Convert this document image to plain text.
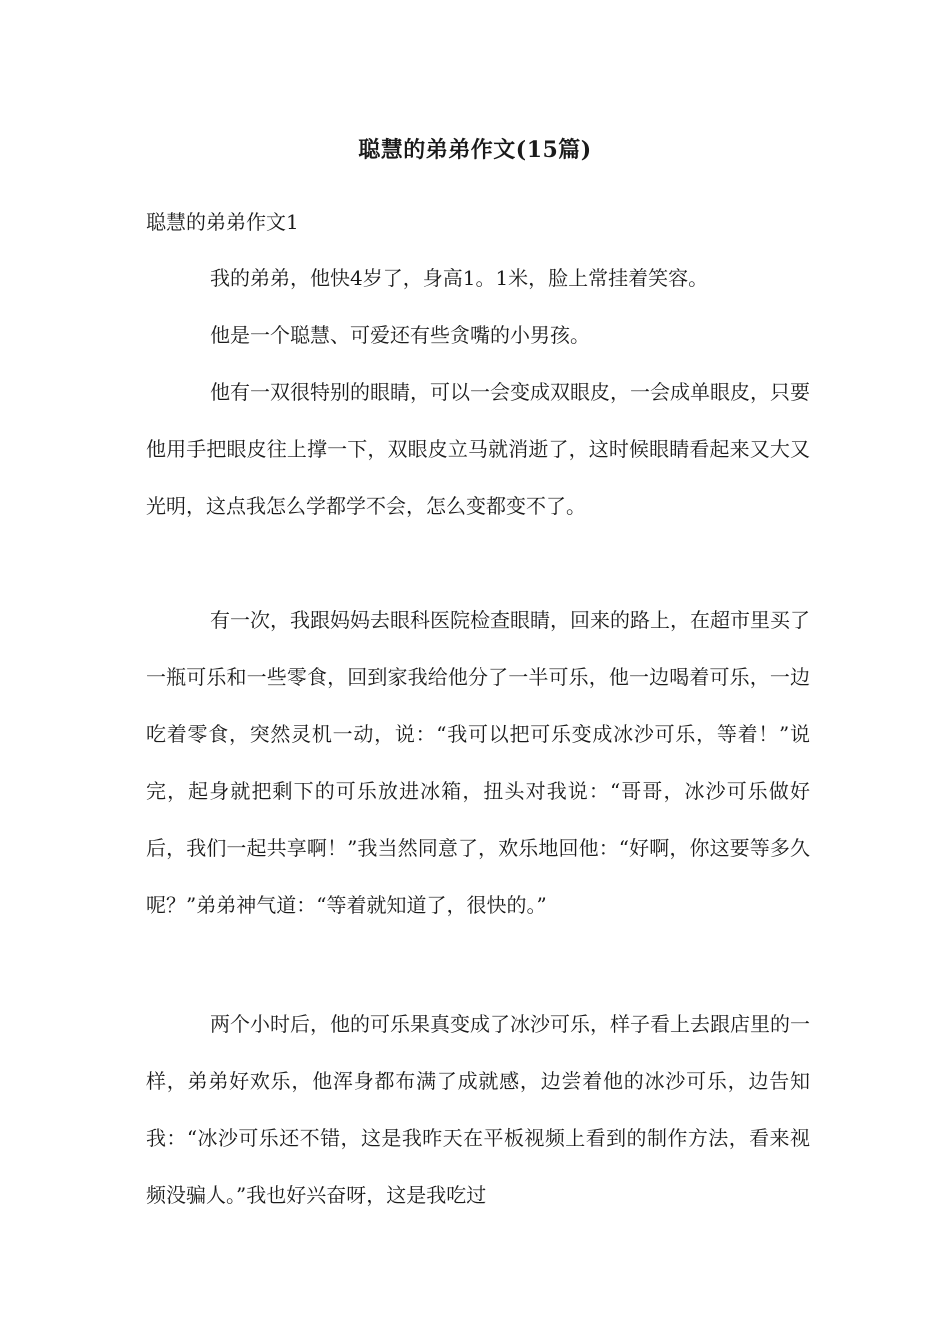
聪慧的弟弟作文(15篇)
聪慧的弟弟作文1

我的弟弟，他快4岁了，身高1。1米，脸上常挂着笑容。

他是一个聪慧、可爱还有些贪嘴的小男孩。

他有一双很特别的眼睛，可以一会变成双眼皮，一会成单眼皮，只要他用手把眼皮往上撑一下，双眼皮立马就消逝了，这时候眼睛看起来又大又光明，这点我怎么学都学不会，怎么变都变不了。

有一次，我跟妈妈去眼科医院检查眼睛，回来的路上，在超市里买了一瓶可乐和一些零食，回到家我给他分了一半可乐，他一边喝着可乐，一边吃着零食，突然灵机一动，说：“我可以把可乐变成冰沙可乐，等着！”说完，起身就把剩下的可乐放进冰箱，扭头对我说：“哥哥，冰沙可乐做好后，我们一起共享啊！”我当然同意了，欢乐地回他：“好啊，你这要等多久呢？”弟弟神气道：“等着就知道了，很快的。”

两个小时后，他的可乐果真变成了冰沙可乐，样子看上去跟店里的一样，弟弟好欢乐，他浑身都布满了成就感，边尝着他的冰沙可乐，边告知我：“冰沙可乐还不错，这是我昨天在平板视频上看到的制作方法，看来视频没骗人。”我也好兴奋呀，这是我吃过
